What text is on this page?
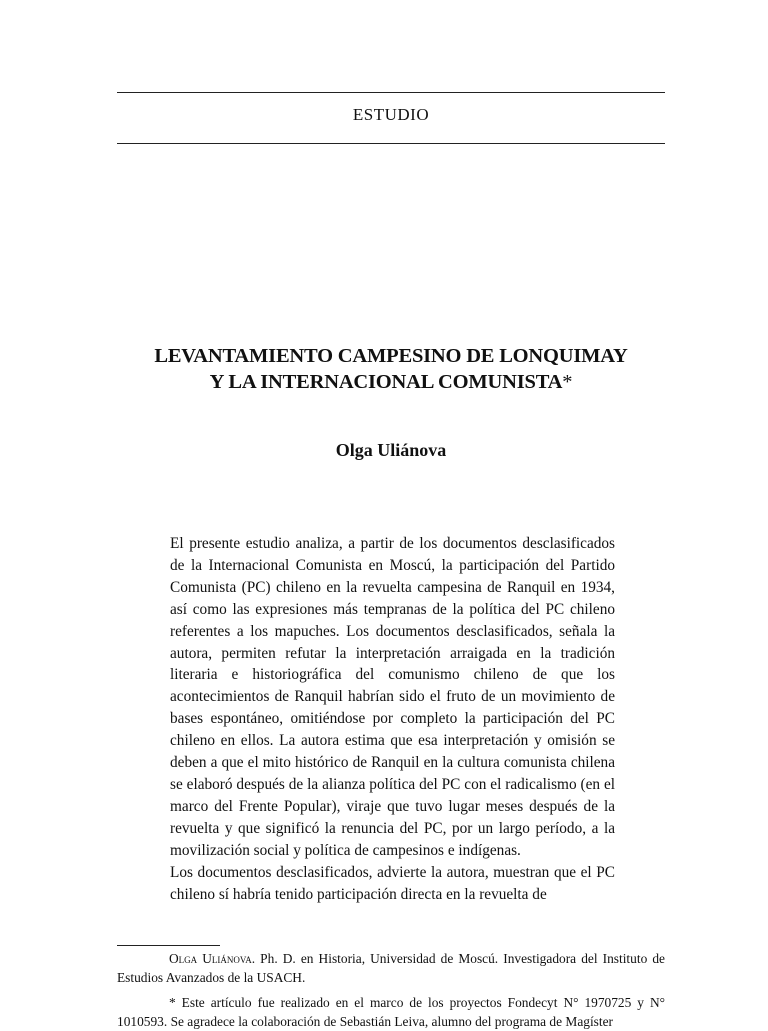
ESTUDIO
LEVANTAMIENTO CAMPESINO DE LONQUIMAY
Y LA INTERNACIONAL COMUNISTA*
Olga Uliánova

El presente estudio analiza, a partir de los documentos desclasificados de la Internacional Comunista en Moscú, la participación del Partido Comunista (PC) chileno en la revuelta campesina de Ranquil en 1934, así como las expresiones más tempranas de la política del PC chileno referentes a los mapuches. Los documentos desclasificados, señala la autora, permiten refutar la interpretación arraigada en la tradición literaria e historiográfica del comunismo chileno de que los acontecimientos de Ranquil habrían sido el fruto de un movimiento de bases espontáneo, omitiéndose por completo la participación del PC chileno en ellos. La autora estima que esa interpretación y omisión se deben a que el mito histórico de Ranquil en la cultura comunista chilena se elaboró después de la alianza política del PC con el radicalismo (en el marco del Frente Popular), viraje que tuvo lugar meses después de la revuelta y que significó la renuncia del PC, por un largo período, a la movilización social y política de campesinos e indígenas.

Los documentos desclasificados, advierte la autora, muestran que el PC chileno sí habría tenido participación directa en la revuelta de

Olga Uliánova. Ph. D. en Historia, Universidad de Moscú. Investigadora del Instituto de Estudios Avanzados de la USACH.

* Este artículo fue realizado en el marco de los proyectos Fondecyt N° 1970725 y N° 1010593. Se agradece la colaboración de Sebastián Leiva, alumno del programa de Magíster
